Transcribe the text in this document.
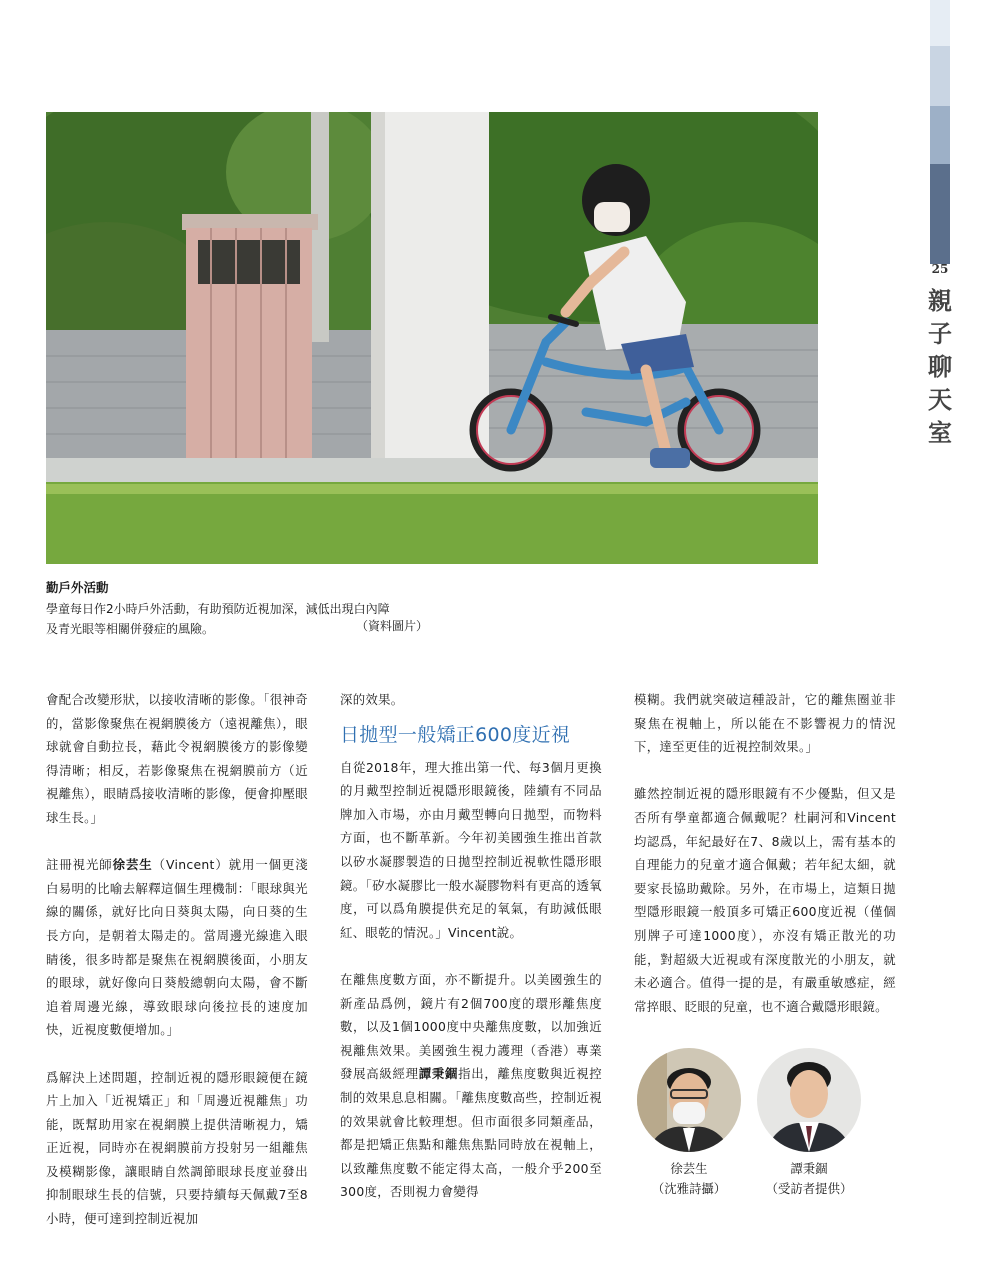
25
親
子
聊
天
室
勤戶外活動

學童每日作2小時戶外活動，有助預防近視加深，減低出現白內障

及青光眼等相關併發症的風險。	（資料圖片）

會配合改變形狀，以接收清晰的影像。「很神奇的，當影像聚焦在視網膜後方（遠視離焦），眼球就會自動拉長，藉此令視網膜後方的影像變得清晰；相反，若影像聚焦在視網膜前方（近視離焦），眼睛爲接收清晰的影像，便會抑壓眼球生長。」

註冊視光師徐芸生（Vincent）就用一個更淺白易明的比喻去解釋這個生理機制：「眼球與光線的關係，就好比向日葵與太陽，向日葵的生長方向，是朝着太陽走的。當周邊光線進入眼睛後，很多時都是聚焦在視網膜後面，小朋友的眼球，就好像向日葵般總朝向太陽，會不斷追着周邊光線，導致眼球向後拉長的速度加快，近視度數便增加。」

爲解決上述問題，控制近視的隱形眼鏡便在鏡片上加入「近視矯正」和「周邊近視離焦」功能，既幫助用家在視網膜上提供清晰視力，矯正近視，同時亦在視網膜前方投射另一組離焦及模糊影像，讓眼睛自然調節眼球長度並發出抑制眼球生長的信號，只要持續每天佩戴7至8小時，便可達到控制近視加

深的效果。

日拋型一般矯正600度近視

自從2018年，理大推出第一代、每3個月更換的月戴型控制近視隱形眼鏡後，陸續有不同品牌加入市場，亦由月戴型轉向日拋型，而物料方面，也不斷革新。今年初美國強生推出首款以矽水凝膠製造的日拋型控制近視軟性隱形眼鏡。「矽水凝膠比一般水凝膠物料有更高的透氧度，可以爲角膜提供充足的氧氣，有助減低眼紅、眼乾的情況。」Vincent說。

在離焦度數方面，亦不斷提升。以美國強生的新產品爲例，鏡片有2個700度的環形離焦度數，以及1個1000度中央離焦度數，以加強近視離焦效果。美國強生視力護理（香港）專業發展高級經理譚秉錮指出，離焦度數與近視控制的效果息息相關。「離焦度數高些，控制近視的效果就會比較理想。但市面很多同類產品，都是把矯正焦點和離焦焦點同時放在視軸上，以致離焦度數不能定得太高，一般介乎200至300度，否則視力會變得

模糊。我們就突破這種設計，它的離焦圈並非聚焦在視軸上，所以能在不影響視力的情況下，達至更佳的近視控制效果。」

雖然控制近視的隱形眼鏡有不少優點，但又是否所有學童都適合佩戴呢？杜嗣河和Vincent均認爲，年紀最好在7、8歲以上，需有基本的自理能力的兒童才適合佩戴；若年紀太細，就要家長協助戴除。另外，在市場上，這類日拋型隱形眼鏡一般頂多可矯正600度近視（僅個別牌子可達1000度），亦沒有矯正散光的功能，對超級大近視或有深度散光的小朋友，就未必適合。值得一提的是，有嚴重敏感症，經常捽眼、眨眼的兒童，也不適合戴隱形眼鏡。

徐芸生
（沈雅詩攝）
譚秉錮
（受訪者提供）
